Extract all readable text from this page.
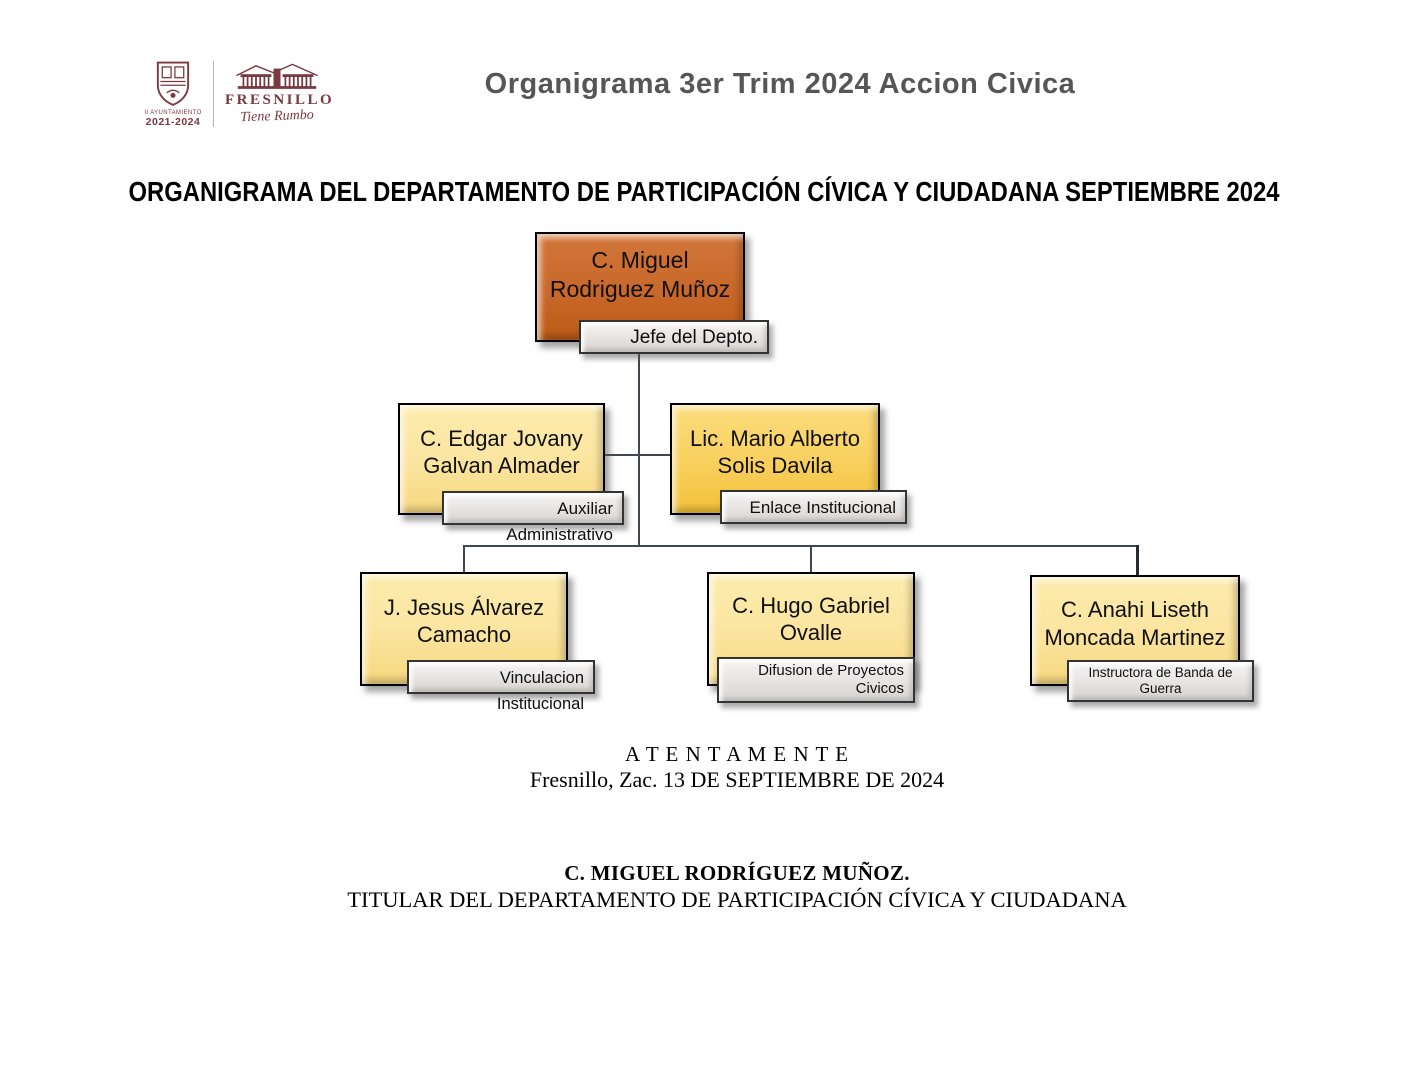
II AYUNTAMIENTO
2021-2024
FRESNILLO
Tiene Rumbo
Organigrama 3er Trim 2024 Accion Civica
ORGANIGRAMA DEL DEPARTAMENTO DE PARTICIPACIÓN CÍVICA Y CIUDADANA SEPTIEMBRE 2024
C. Miguel Rodriguez Muñoz
Jefe del Depto.
C. Edgar Jovany Galvan Almader
Auxiliar Administrativo
Lic. Mario Alberto Solis Davila
Enlace Institucional
J. Jesus Álvarez Camacho
Vinculacion Institucional
C. Hugo Gabriel Ovalle
Difusion de Proyectos Civicos
C. Anahi Liseth Moncada Martinez
Instructora de Banda de Guerra
A T E N T A M E N T E
Fresnillo, Zac. 13 DE SEPTIEMBRE DE 2024
C. MIGUEL RODRÍGUEZ MUÑOZ.
TITULAR DEL DEPARTAMENTO DE PARTICIPACIÓN CÍVICA Y CIUDADANA
